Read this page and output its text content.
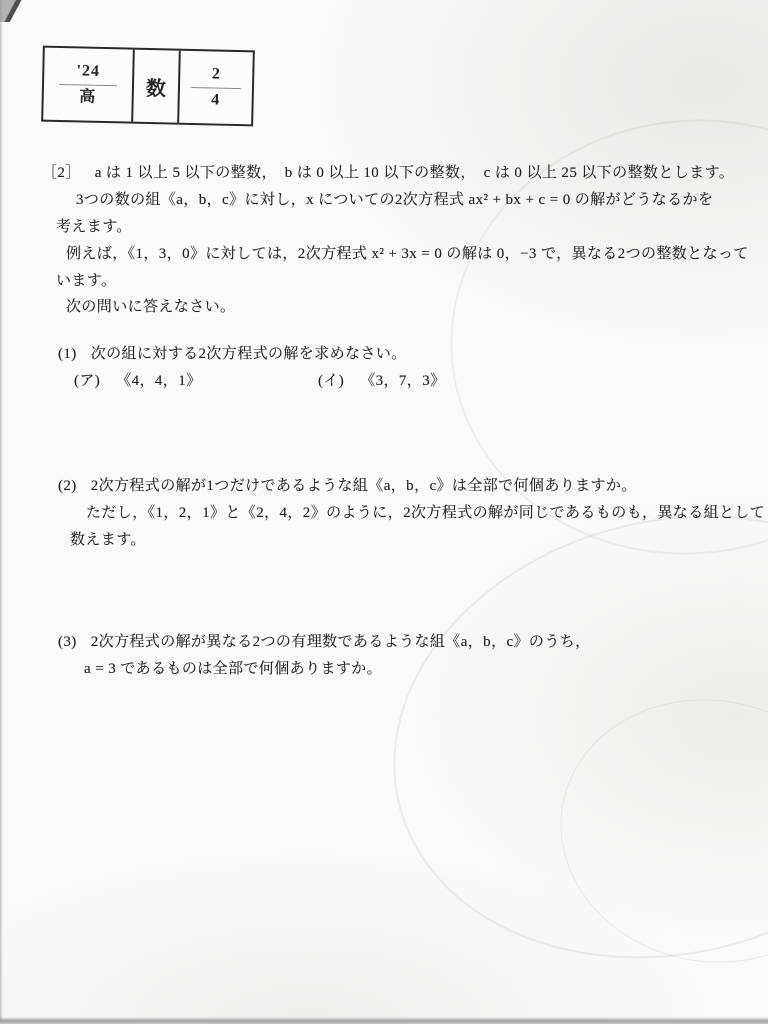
'24
高 数
2
4
［2］ a は 1 以上 5 以下の整数，　b は 0 以上 10 以下の整数，　c は 0 以上 25 以下の整数とします。
3つの数の組《a，b，c》に対し，x についての2次方程式 ax² + bx + c = 0 の解がどうなるかを
考えます。
例えば，《1，3，0》に対しては，2次方程式 x² + 3x = 0 の解は 0，−3 で，異なる2つの整数となって
います。
次の問いに答えなさい。
(1) 次の組に対する2次方程式の解を求めなさい。
(ア) 《4，4，1》	(イ) 《3，7，3》
(2) 2次方程式の解が1つだけであるような組《a，b，c》は全部で何個ありますか。
ただし，《1，2，1》と《2，4，2》のように，2次方程式の解が同じであるものも，異なる組として
数えます。
(3) 2次方程式の解が異なる2つの有理数であるような組《a，b，c》のうち，
a = 3 であるものは全部で何個ありますか。
